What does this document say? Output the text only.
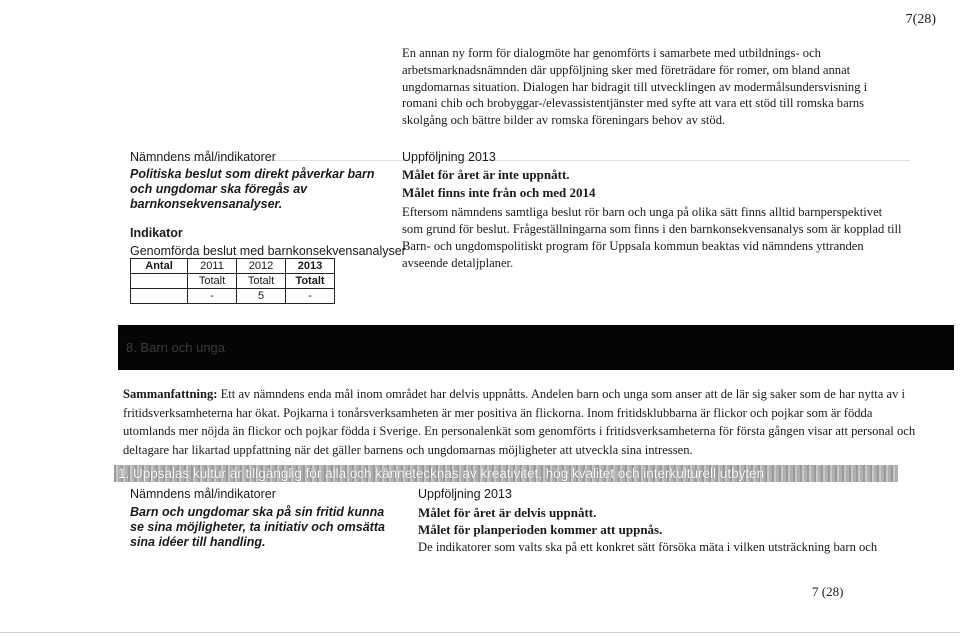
7(28)

En annan ny form för dialogmöte har genomförts i samarbete med utbildnings- och arbetsmarknadsnämnden där uppföljning sker med företrädare för romer, om bland annat ungdomarnas situation. Dialogen har bidragit till utvecklingen av modermålsundersvisning i romani chib och brobyggar-/elevassistentjänster med syfte att vara ett stöd till romska barns skolgång och bättre bilder av romska föreningars behov av stöd.

Nämndens mål/indikatorer	Uppföljning 2013
Politiska beslut som direkt påverkar barn och ungdomar ska föregås av barnkonsekvensanalyser.
Målet för året är inte uppnått.
Målet finns inte från och med 2014
Eftersom nämndens samtliga beslut rör barn och unga på olika sätt finns alltid barnperspektivet som grund för beslut. Frågeställningarna som finns i den barnkonsekvensanalys som är kopplad till Barn- och ungdomspolitiskt program för Uppsala kommun beaktas vid nämndens yttranden avseende detaljplaner.
Indikator
Genomförda beslut med barnkonsekvensanalyser
Antal	2011	2012	2013
	Totalt	Totalt	Totalt
	-	5	-
8. Barn och unga
Sammanfattning: Ett av nämndens enda mål inom området har delvis uppnåtts. Andelen barn och unga som anser att de lär sig saker som de har nytta av i fritidsverksamheterna har ökat. Pojkarna i tonårsverksamheten är mer positiva än flickorna. Inom fritidsklubbarna är flickor och pojkar som är födda utomlands mer nöjda än flickor och pojkar födda i Sverige. En personalenkät som genomförts i fritidsverksamheterna för första gången visar att personal och deltagare har likartad uppfattning när det gäller barnens och ungdomarnas möjligheter att utveckla sina intressen.
1. Uppsalas kultur är tillgänglig för alla och kännetecknas av kreativitet, hög kvalitet och interkulturell utbyten
Nämndens mål/indikatorer	Uppföljning 2013
Barn och ungdomar ska på sin fritid kunna se sina möjligheter, ta initiativ och omsätta sina idéer till handling.
Målet för året är delvis uppnått.
Målet för planperioden kommer att uppnås.
De indikatorer som valts ska på ett konkret sätt försöka mäta i vilken utsträckning barn och
7 (28)
